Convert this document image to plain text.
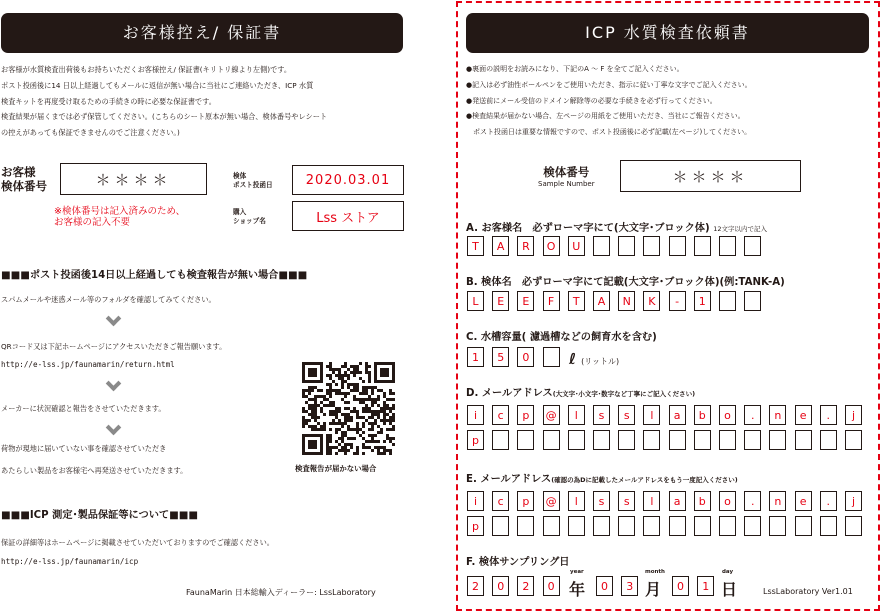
お客様控え/ 保証書
お客様が水質検査出荷後もお持ちいただくお客様控え/ 保証書(キリトリ線より左側)です。
ポスト投函後に14 日以上経過してもメールに返信が無い場合に当社にご連絡いただき、ICP 水質
検査キットを再度受け取るための手続きの時に必要な保証書です。
検査結果が届くまでは必ず保管してください。(こちらのシート原本が無い場合、検体番号やレシート
の控えがあっても保証できませんのでご注意ください。)
お客様
検体番号	＊＊＊＊
※検体番号は記入済みのため、
お客様の記入不要
検体
ポスト投函日	2020.03.01
購入
ショップ名	Lss ストア
■■■ポスト投函後14日以上経過しても検査報告が無い場合■■■
スパムメールや迷惑メール等のフォルダを確認してみてください。
QRコード又は下記ホームページにアクセスいただきご報告願います。
http://e-lss.jp/faunamarin/return.html
メーカーに状況確認と報告をさせていただきます。
荷物が現地に届いていない事を確認させていただき
あたらしい製品をお客様宅へ再発送させていただきます。	検査報告が届かない場合
■■■ICP 測定･製品保証等について■■■
保証の詳細等はホームページに掲載させていただいておりますのでご確認ください。
http://e-lss.jp/faunamarin/icp
FaunaMarin 日本総輸入ディーラー: LssLaboratory
ICP 水質検査依頼書
●裏面の説明をお読みになり、下記のA ～ F を全てご記入ください。
●記入は必ず油性ボールペンをご使用いただき、指示に従い丁寧な文字でご記入ください。
●発送前にメール受信のドメイン解除等の必要な手続きを必ず行ってください。
●検査結果が届かない場合、左ページの用紙をご使用いただき、当社にご報告ください。
　ポスト投函日は重要な情報ですので、ポスト投函後に必ず記載(左ページ)してください。
検体番号
Sample Number	＊＊＊＊
A. お客様名　必ずローマ字にて(大文字･ブロック体) 12文字以内で記入
T	A	R	O	U
B. 検体名　必ずローマ字にて記載(大文字･ブロック体)(例:TANK-A)
L	E	E	F	T	A	N	K	-	1
C. 水槽容量( 濾過槽などの飼育水を含む)
1	5	0	ℓ (リットル)
D. メールアドレス(大文字･小文字･数字など丁寧にご記入ください)
i	c	p	@	l	s	s	l	a	b	o	.	n	e	.	j
p
E. メールアドレス(確認の為Dに記載したメールアドレスをもう一度記入ください)
i	c	p	@	l	s	s	l	a	b	o	.	n	e	.	j
p
F. 検体サンプリング日
2	0	2	0 年
year
0	3 月
month
0	1 日
day
LssLaboratory Ver1.01
